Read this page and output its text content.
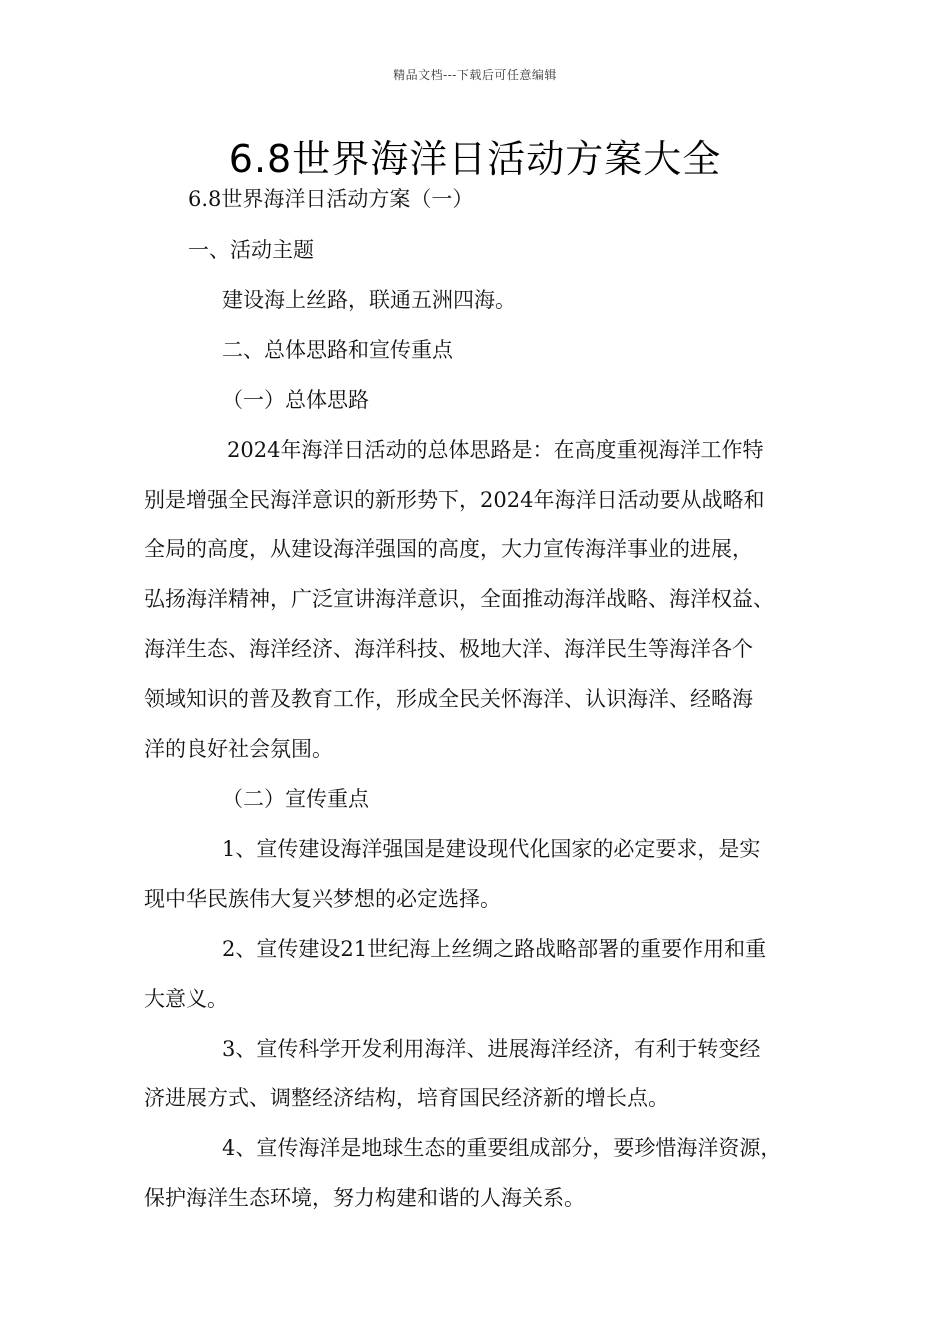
精品文档---下载后可任意编辑
6.8世界海洋日活动方案大全
6.8世界海洋日活动方案（一）
一、活动主题
建设海上丝路，联通五洲四海。
二、总体思路和宣传重点
（一）总体思路
2024年海洋日活动的总体思路是：在高度重视海洋工作特
别是增强全民海洋意识的新形势下，2024年海洋日活动要从战略和
全局的高度，从建设海洋强国的高度，大力宣传海洋事业的进展，
弘扬海洋精神，广泛宣讲海洋意识，全面推动海洋战略、海洋权益、
海洋生态、海洋经济、海洋科技、极地大洋、海洋民生等海洋各个
领域知识的普及教育工作，形成全民关怀海洋、认识海洋、经略海
洋的良好社会氛围。
（二）宣传重点
1、宣传建设海洋强国是建设现代化国家的必定要求，是实
现中华民族伟大复兴梦想的必定选择。
2、宣传建设21世纪海上丝绸之路战略部署的重要作用和重
大意义。
3、宣传科学开发利用海洋、进展海洋经济，有利于转变经
济进展方式、调整经济结构，培育国民经济新的增长点。
4、宣传海洋是地球生态的重要组成部分，要珍惜海洋资源，
保护海洋生态环境，努力构建和谐的人海关系。
